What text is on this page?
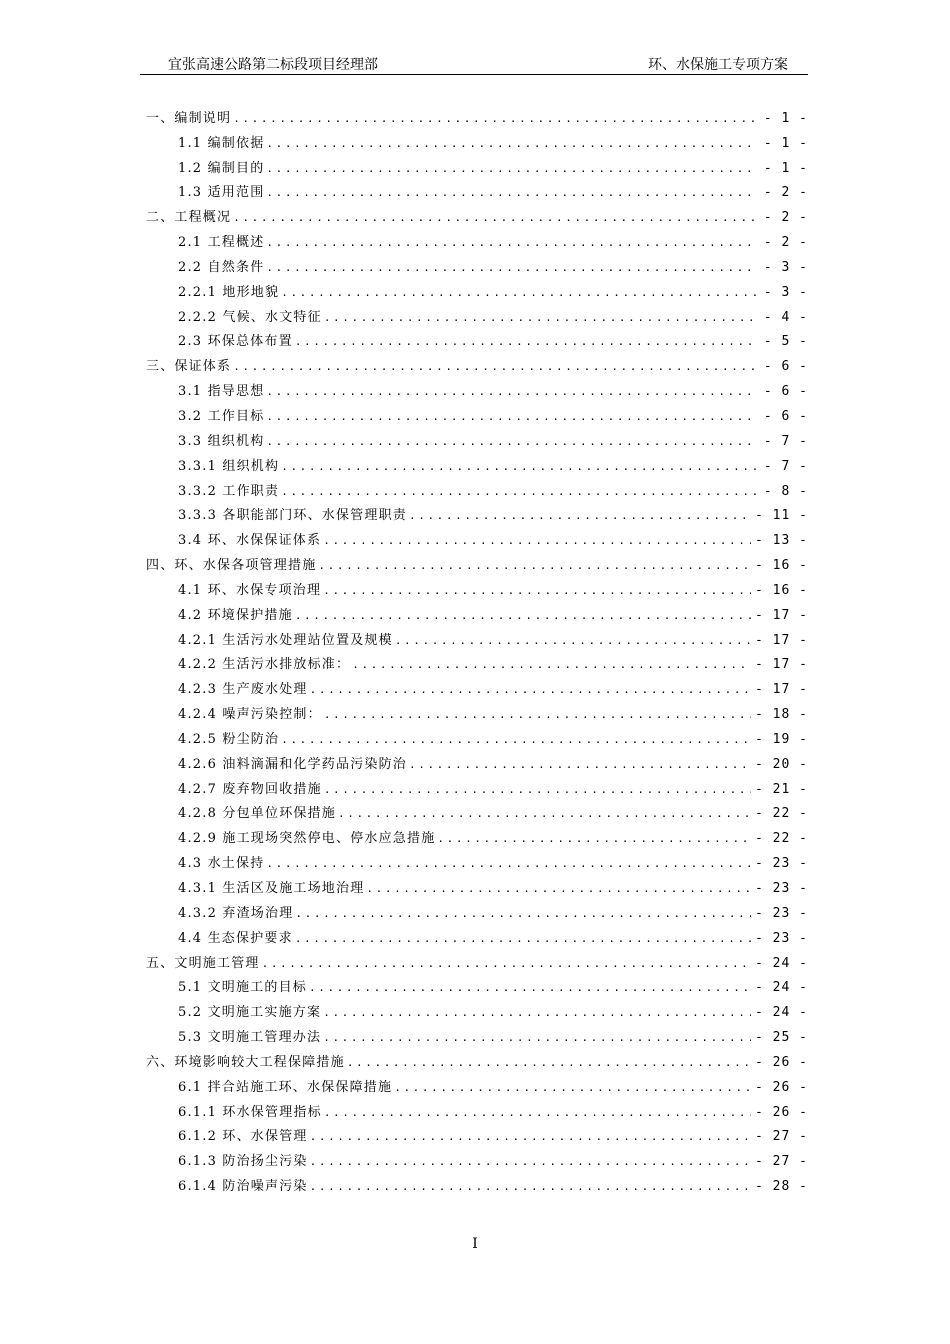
宜张高速公路第二标段项目经理部	环、水保施工专项方案
一、编制说明 .....	- 1 -
1.1 编制依据 .....	- 1 -
1.2 编制目的 .....	- 1 -
1.3 适用范围 .....	- 2 -
二、工程概况 .....	- 2 -
2.1 工程概述 .....	- 2 -
2.2 自然条件 .....	- 3 -
2.2.1 地形地貌 .....	- 3 -
2.2.2 气候、水文特征 .....	- 4 -
2.3 环保总体布置 .....	- 5 -
三、保证体系 .....	- 6 -
3.1 指导思想 .....	- 6 -
3.2 工作目标 .....	- 6 -
3.3 组织机构 .....	- 7 -
3.3.1 组织机构 .....	- 7 -
3.3.2 工作职责 .....	- 8 -
3.3.3 各职能部门环、水保管理职责 .....	- 11 -
3.4 环、水保保证体系 .....	- 13 -
四、环、水保各项管理措施 .....	- 16 -
4.1 环、水保专项治理 .....	- 16 -
4.2 环境保护措施 .....	- 17 -
4.2.1 生活污水处理站位置及规模 .....	- 17 -
4.2.2 生活污水排放标准： .....	- 17 -
4.2.3 生产废水处理 .....	- 17 -
4.2.4 噪声污染控制： .....	- 18 -
4.2.5 粉尘防治 .....	- 19 -
4.2.6 油料滴漏和化学药品污染防治 .....	- 20 -
4.2.7 废弃物回收措施 .....	- 21 -
4.2.8 分包单位环保措施 .....	- 22 -
4.2.9 施工现场突然停电、停水应急措施 .....	- 22 -
4.3 水土保持 .....	- 23 -
4.3.1 生活区及施工场地治理 .....	- 23 -
4.3.2 弃渣场治理 .....	- 23 -
4.4 生态保护要求 .....	- 23 -
五、文明施工管理 .....	- 24 -
5.1 文明施工的目标 .....	- 24 -
5.2 文明施工实施方案 .....	- 24 -
5.3 文明施工管理办法 .....	- 25 -
六、环境影响较大工程保障措施 .....	- 26 -
6.1 拌合站施工环、水保保障措施 .....	- 26 -
6.1.1 环水保管理指标 .....	- 26 -
6.1.2 环、水保管理 .....	- 27 -
6.1.3 防治扬尘污染 .....	- 27 -
6.1.4 防治噪声污染 .....	- 28 -
I
